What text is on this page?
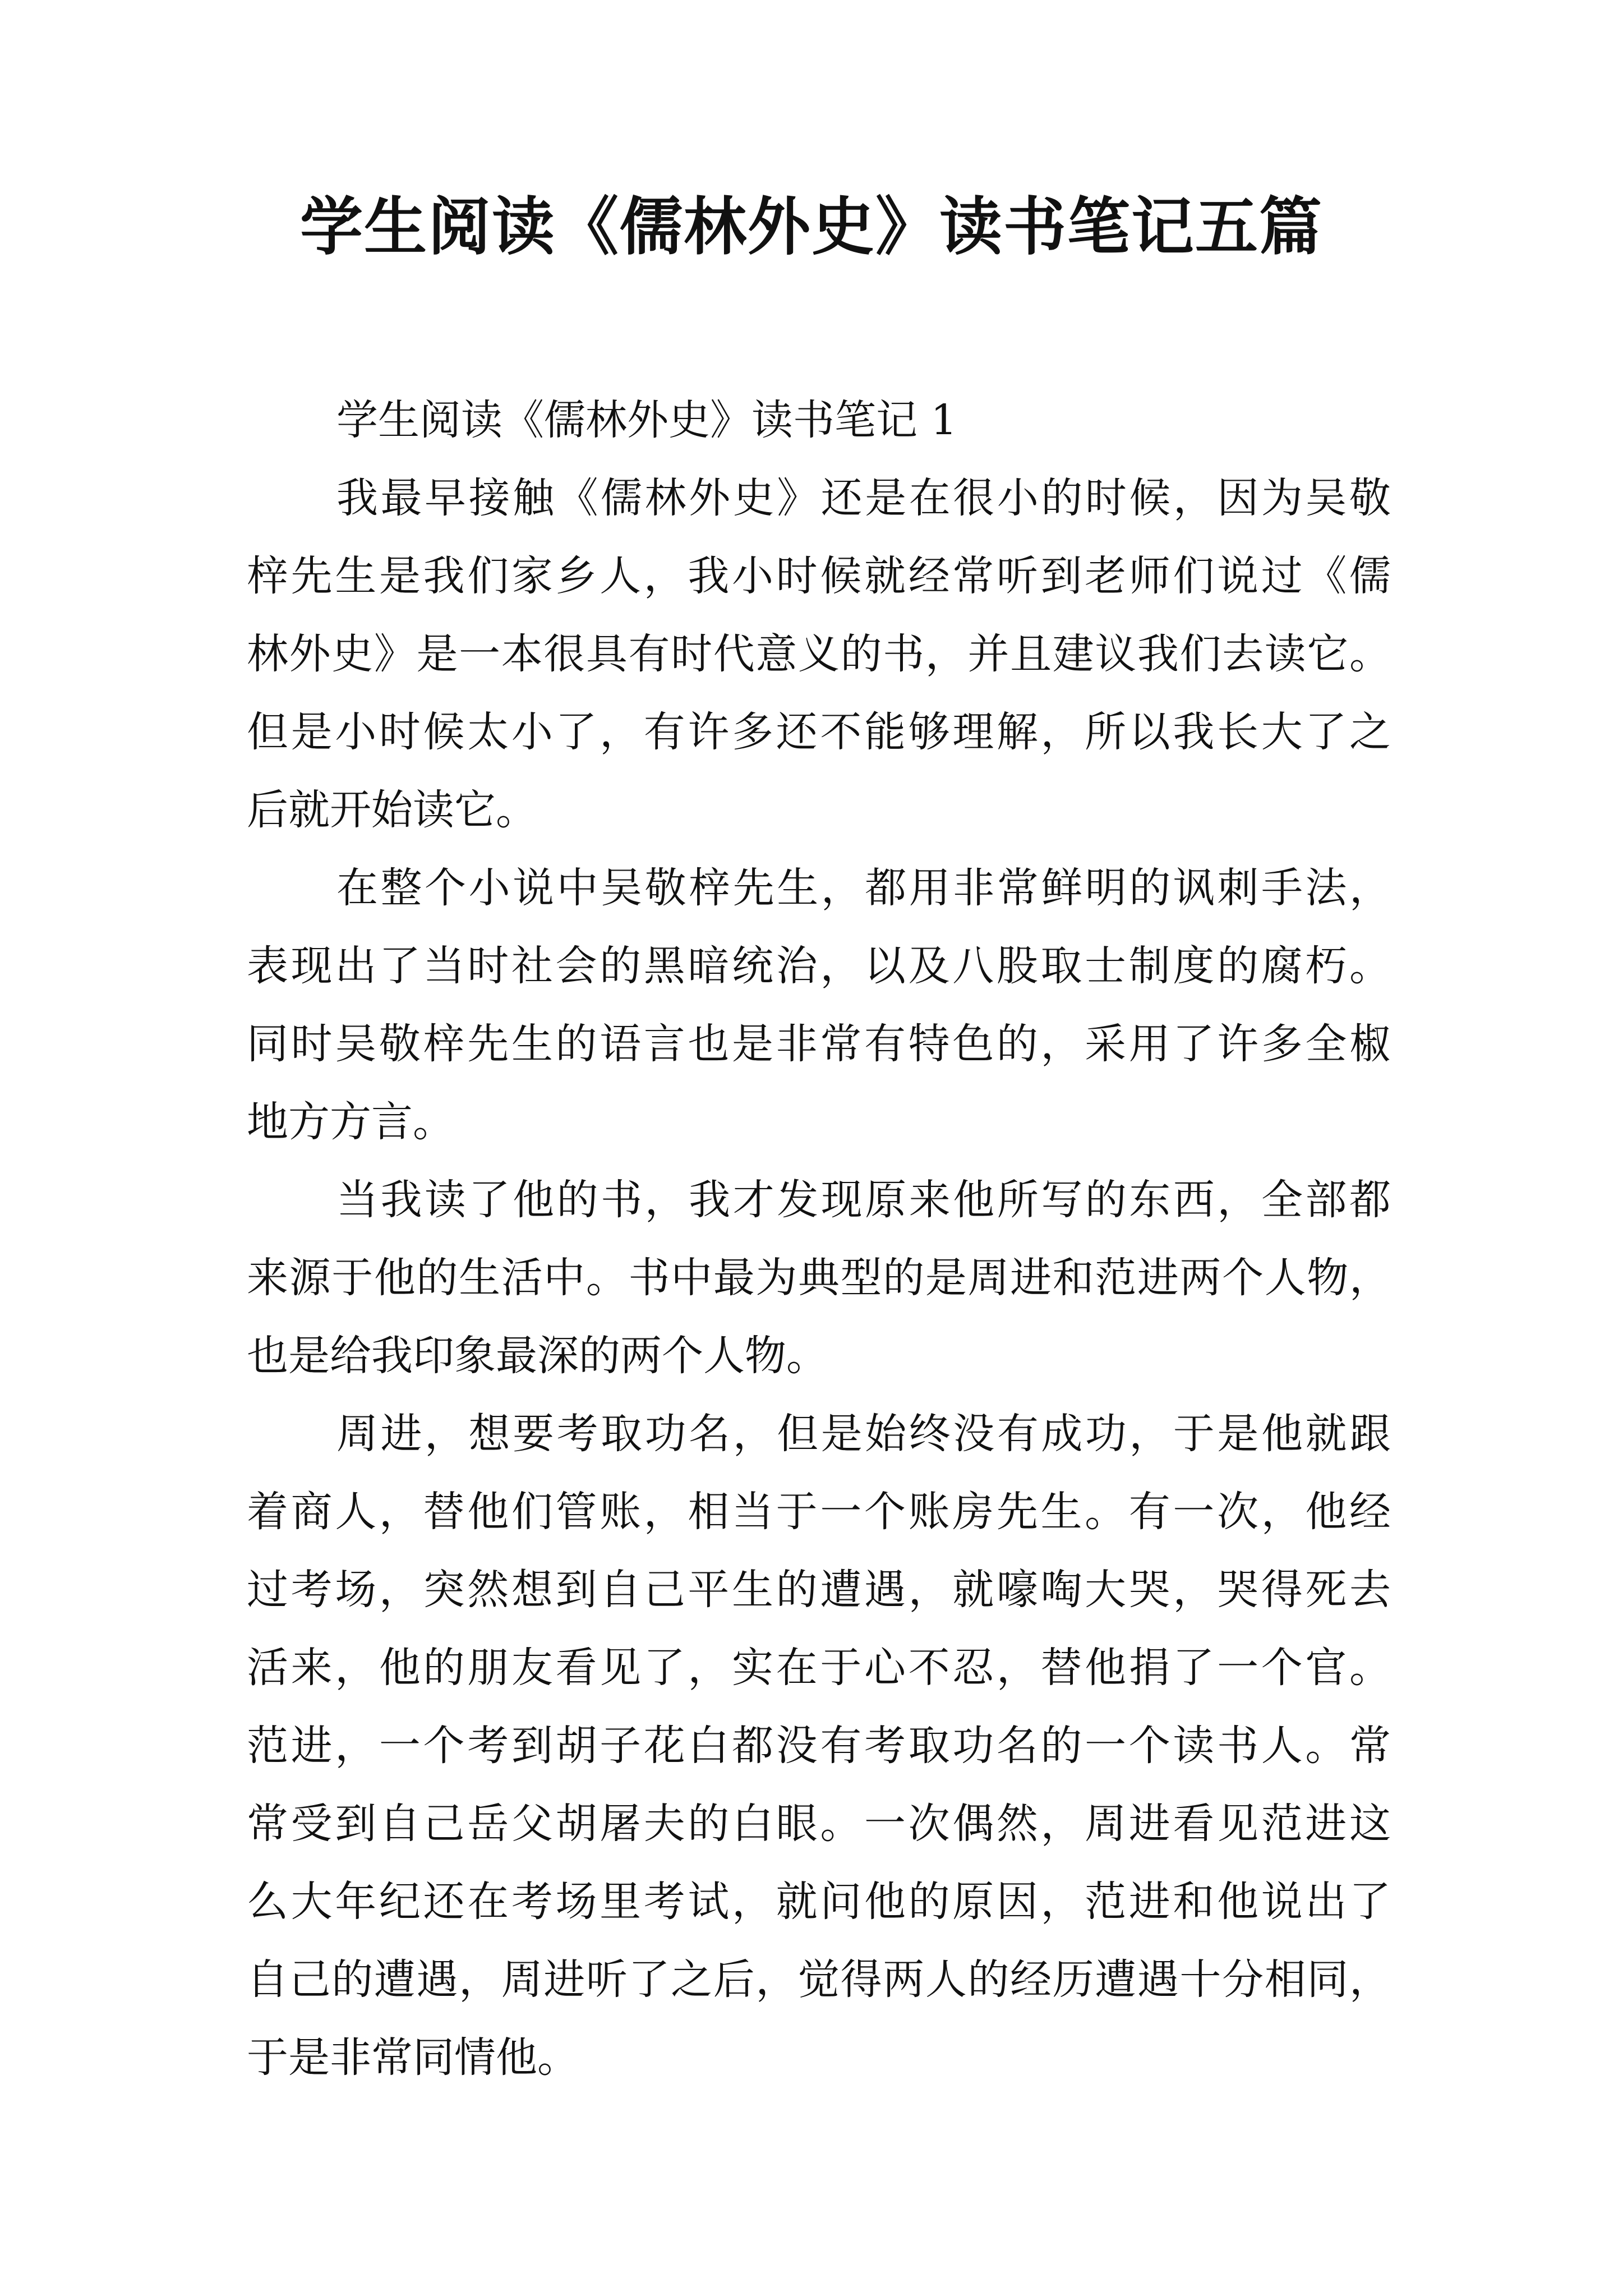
学生阅读《儒林外史》读书笔记五篇
学生阅读《儒林外史》读书笔记 1
我最早接触《儒林外史》还是在很小的时候，因为吴敬
梓先生是我们家乡人，我小时候就经常听到老师们说过《儒
林外史》是一本很具有时代意义的书，并且建议我们去读它。
但是小时候太小了，有许多还不能够理解，所以我长大了之
后就开始读它。
在整个小说中吴敬梓先生，都用非常鲜明的讽刺手法，
表现出了当时社会的黑暗统治，以及八股取士制度的腐朽。
同时吴敬梓先生的语言也是非常有特色的，采用了许多全椒
地方方言。
当我读了他的书，我才发现原来他所写的东西，全部都
来源于他的生活中。书中最为典型的是周进和范进两个人物，
也是给我印象最深的两个人物。
周进，想要考取功名，但是始终没有成功，于是他就跟
着商人，替他们管账，相当于一个账房先生。有一次，他经
过考场，突然想到自己平生的遭遇，就嚎啕大哭，哭得死去
活来，他的朋友看见了，实在于心不忍，替他捐了一个官。
范进，一个考到胡子花白都没有考取功名的一个读书人。常
常受到自己岳父胡屠夫的白眼。一次偶然，周进看见范进这
么大年纪还在考场里考试，就问他的原因，范进和他说出了
自己的遭遇，周进听了之后，觉得两人的经历遭遇十分相同，
于是非常同情他。
